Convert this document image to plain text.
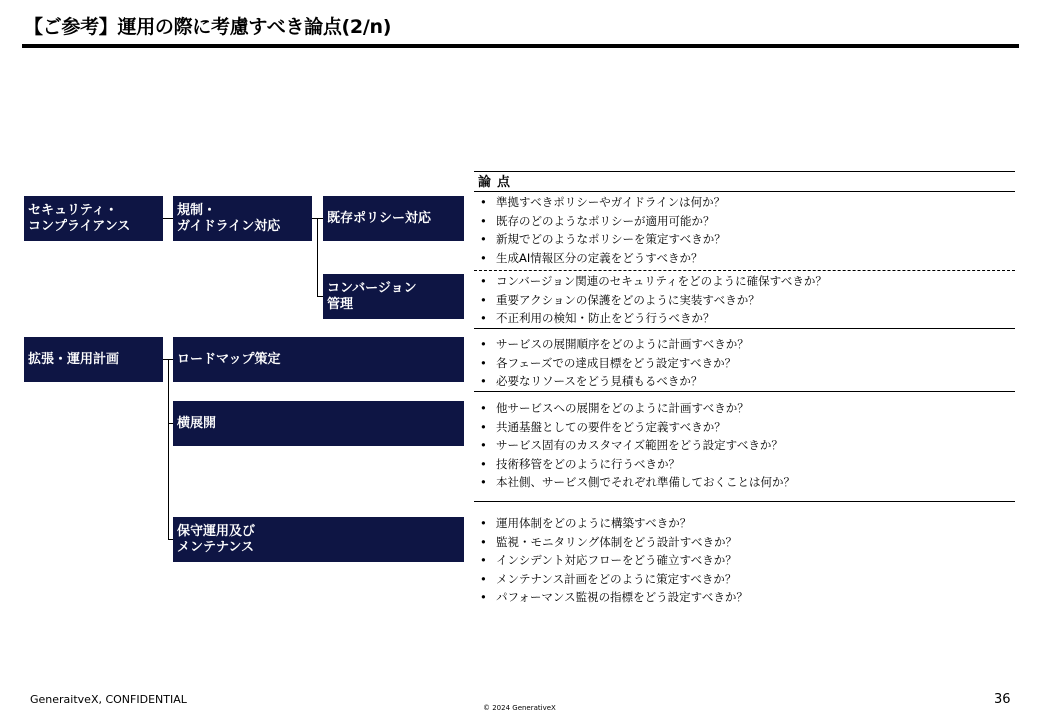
【ご参考】運用の際に考慮すべき論点(2/n)
セキュリティ・
コンプライアンス
規制・
ガイドライン対応
既存ポリシー対応
コンバージョン
管理
拡張・運用計画	ロードマップ策定
横展開
保守運用及び
メンテナンス
論点
• 準拠すべきポリシーやガイドラインは何か？
• 既存のどのようなポリシーが適用可能か？
• 新規でどのようなポリシーを策定すべきか？
• 生成AI情報区分の定義をどうすべきか？
• コンバージョン関連のセキュリティをどのように確保すべきか？
• 重要アクションの保護をどのように実装すべきか？
• 不正利用の検知・防止をどう行うべきか？
• サービスの展開順序をどのように計画すべきか？
• 各フェーズでの達成目標をどう設定すべきか？
• 必要なリソースをどう見積もるべきか？
• 他サービスへの展開をどのように計画すべきか？
• 共通基盤としての要件をどう定義すべきか？
• サービス固有のカスタマイズ範囲をどう設定すべきか？
• 技術移管をどのように行うべきか？
• 本社側、サービス側でそれぞれ準備しておくことは何か？
• 運用体制をどのように構築すべきか？
• 監視・モニタリング体制をどう設計すべきか？
• インシデント対応フローをどう確立すべきか？
• メンテナンス計画をどのように策定すべきか？
• パフォーマンス監視の指標をどう設定すべきか？
GeneraitveX, CONFIDENTIAL
© 2024 GenerativeX
36
